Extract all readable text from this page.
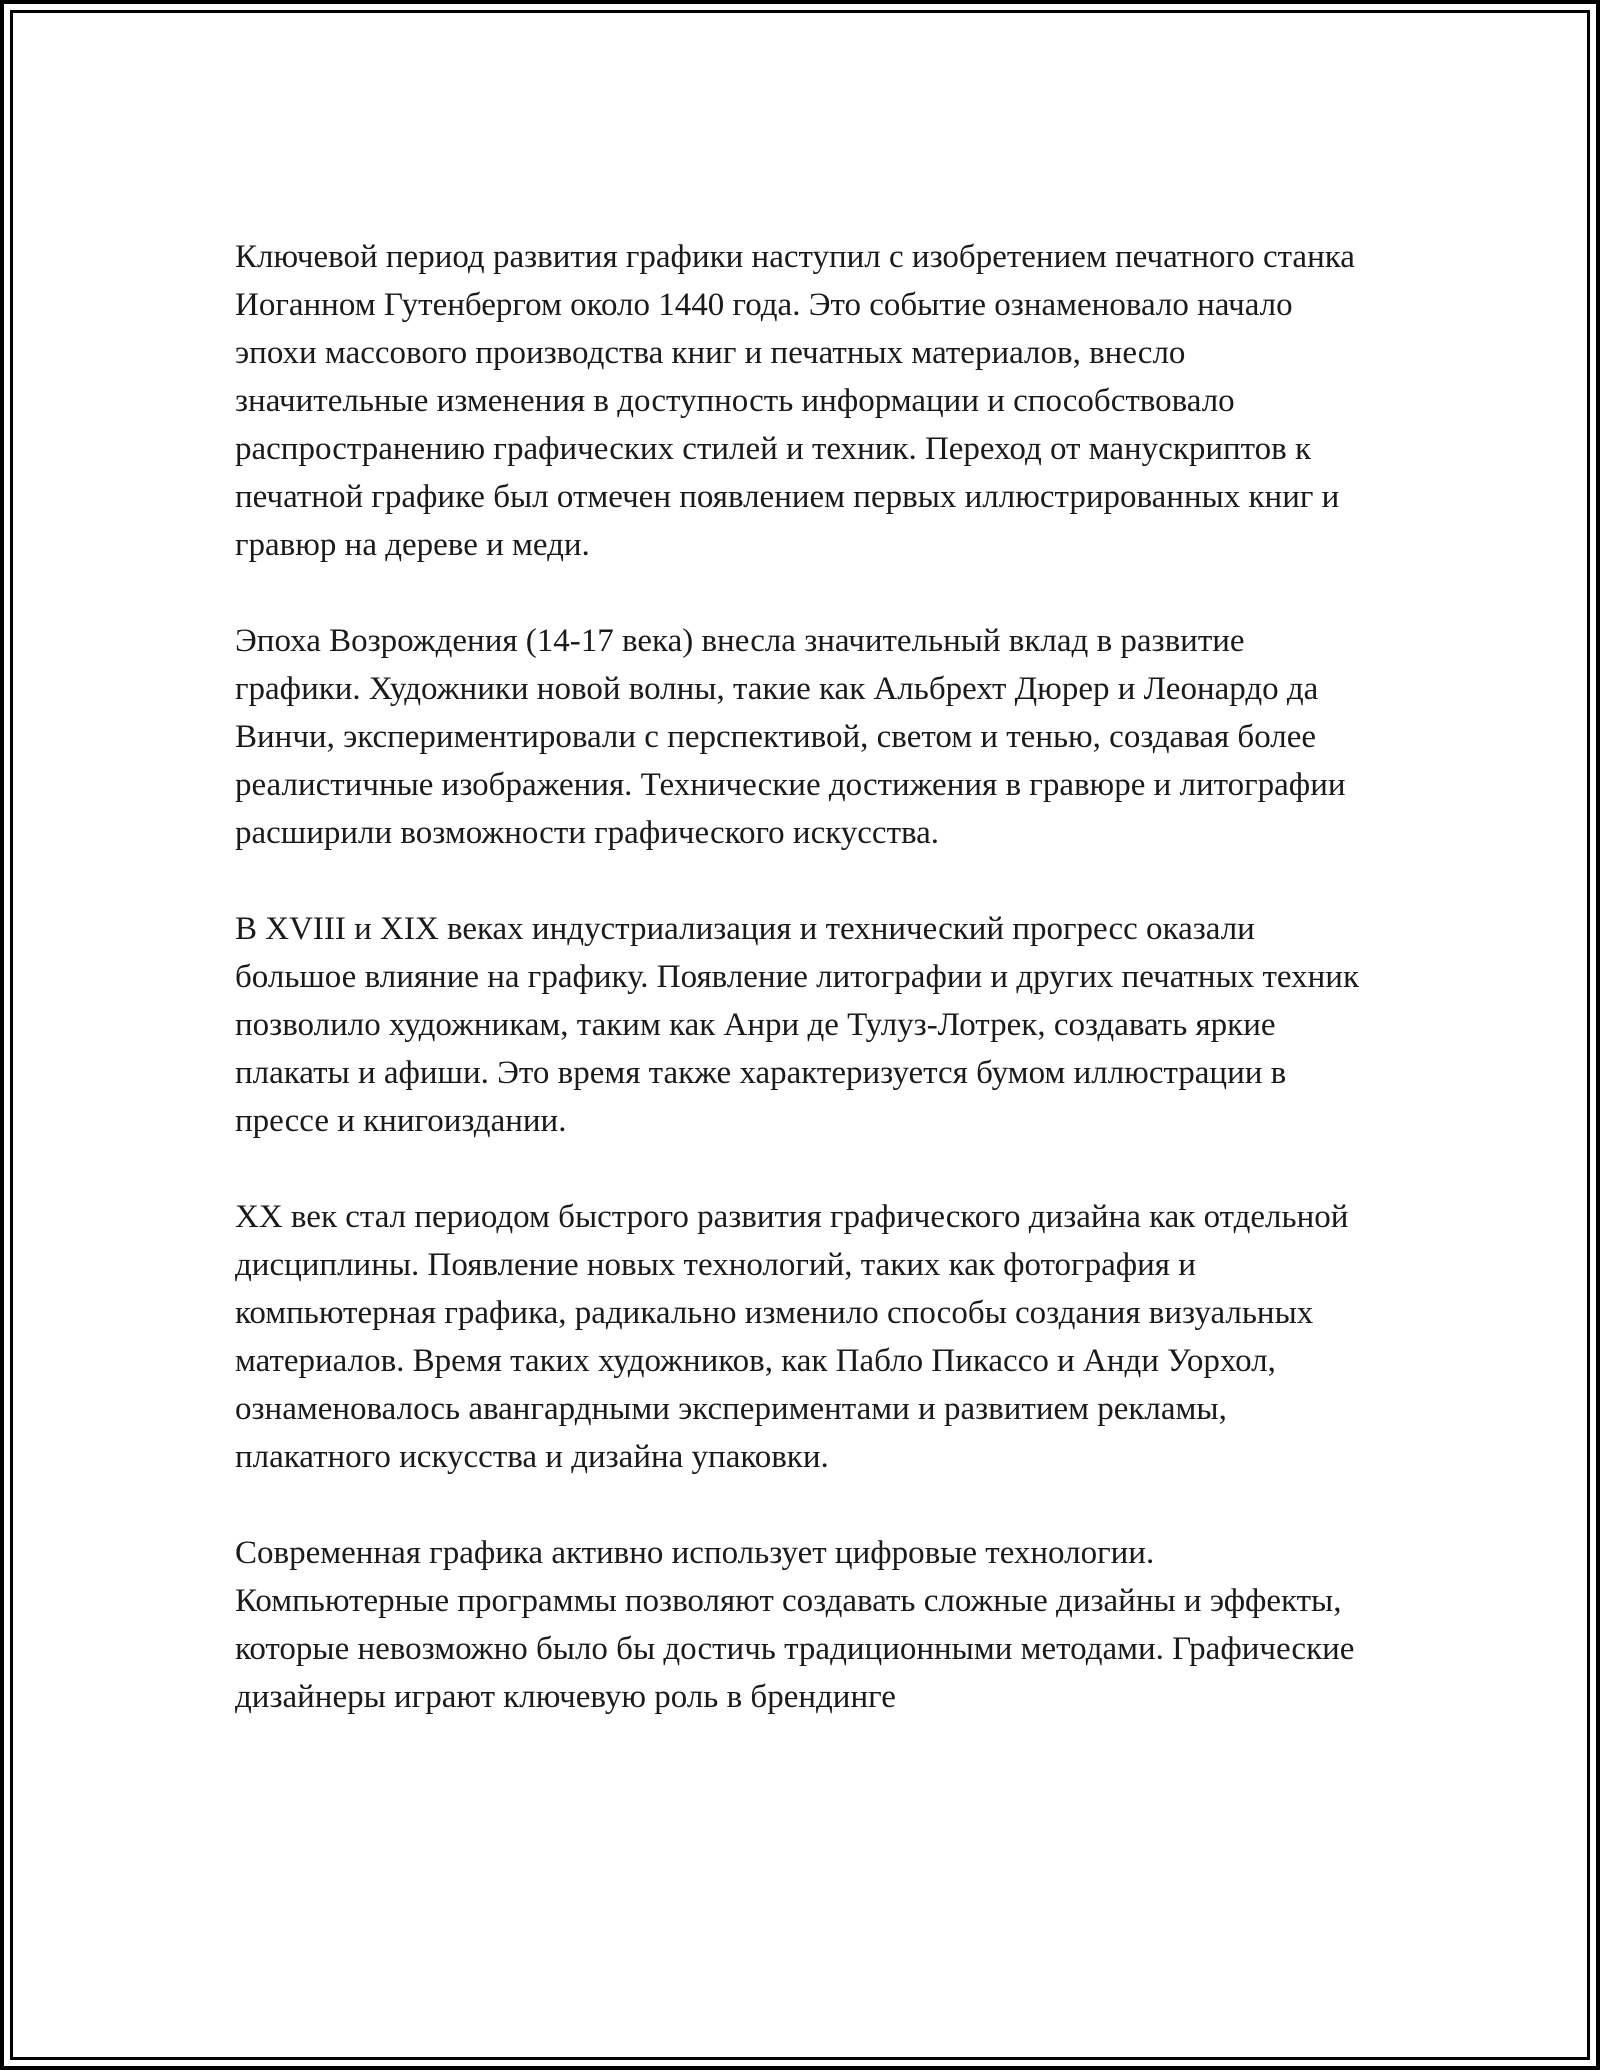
Ключевой период развития графики наступил с изобретением печатного станка Иоганном Гутенбергом около 1440 года. Это событие ознаменовало начало эпохи массового производства книг и печатных материалов, внесло значительные изменения в доступность информации и способствовало распространению графических стилей и техник. Переход от манускриптов к печатной графике был отмечен появлением первых иллюстрированных книг и гравюр на дереве и меди.

Эпоха Возрождения (14-17 века) внесла значительный вклад в развитие графики. Художники новой волны, такие как Альбрехт Дюрер и Леонардо да Винчи, экспериментировали с перспективой, светом и тенью, создавая более реалистичные изображения. Технические достижения в гравюре и литографии расширили возможности графического искусства.

В XVIII и XIX веках индустриализация и технический прогресс оказали большое влияние на графику. Появление литографии и других печатных техник позволило художникам, таким как Анри де Тулуз-Лотрек, создавать яркие плакаты и афиши. Это время также характеризуется бумом иллюстрации в прессе и книгоиздании.

XX век стал периодом быстрого развития графического дизайна как отдельной дисциплины. Появление новых технологий, таких как фотография и компьютерная графика, радикально изменило способы создания визуальных материалов. Время таких художников, как Пабло Пикассо и Анди Уорхол, ознаменовалось авангардными экспериментами и развитием рекламы, плакатного искусства и дизайна упаковки.

Современная графика активно использует цифровые технологии. Компьютерные программы позволяют создавать сложные дизайны и эффекты, которые невозможно было бы достичь традиционными методами. Графические дизайнеры играют ключевую роль в брендинге
